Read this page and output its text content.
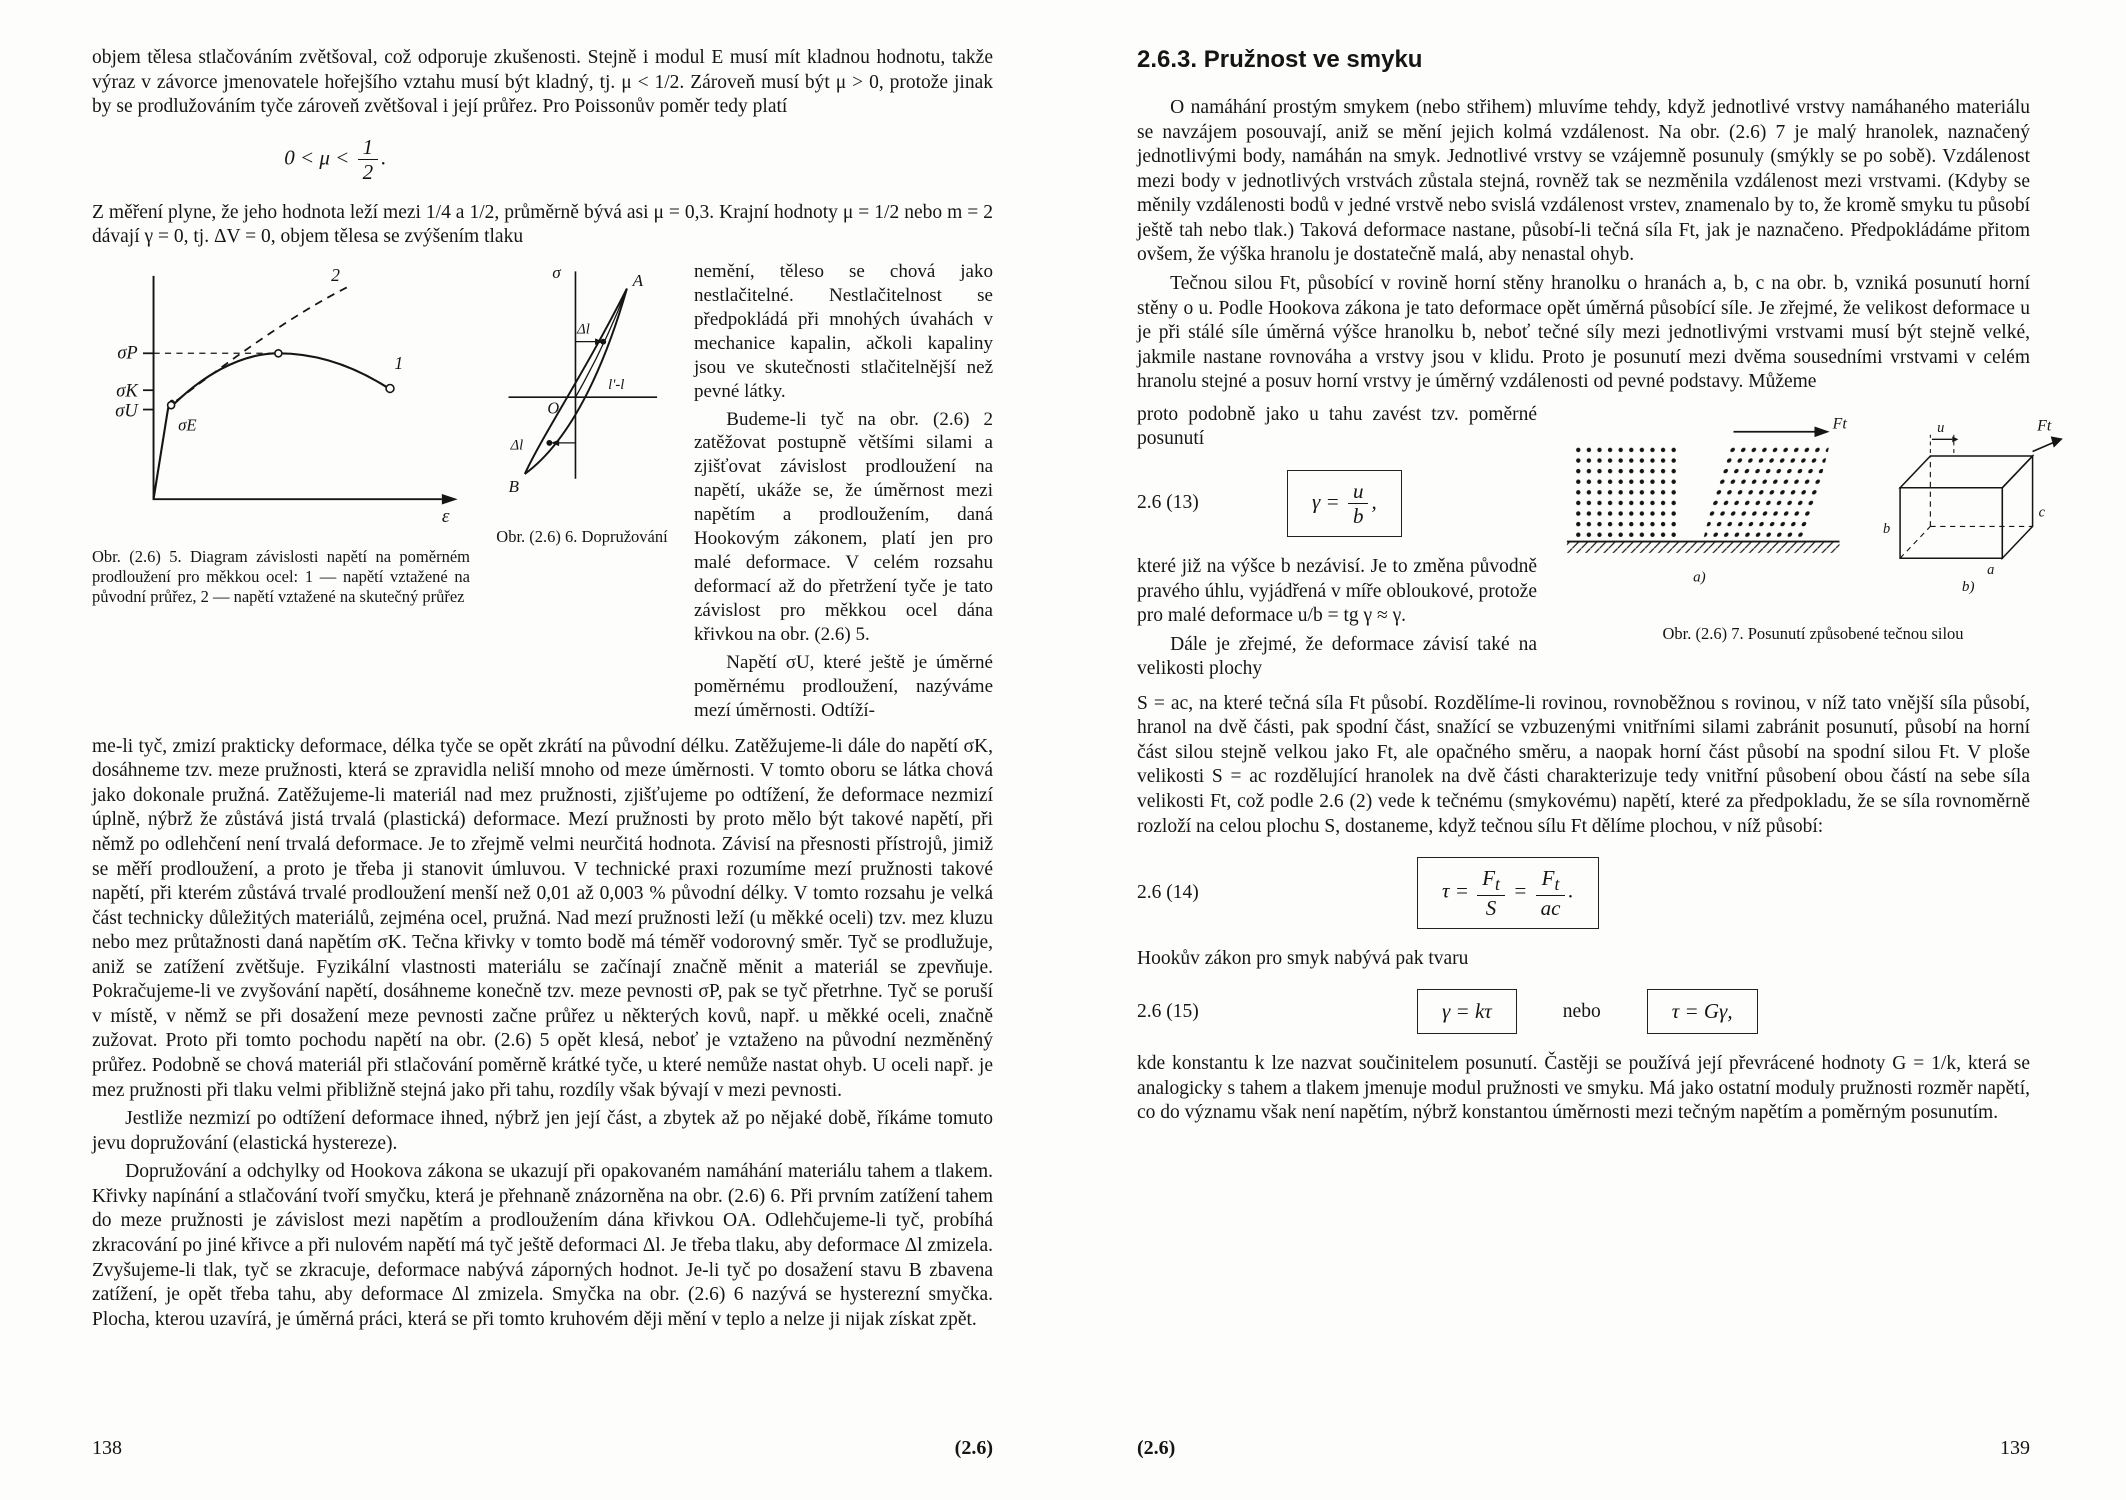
objem tělesa stlačováním zvětšoval, což odporuje zkušenosti. Stejně i modul E musí mít kladnou hodnotu, takže výraz v závorce jmenovatele hořejšího vztahu musí být kladný, tj. μ < 1/2. Zároveň musí být μ > 0, protože jinak by se prodlužováním tyče zároveň zvětšoval i její průřez. Pro Poissonův poměr tedy platí

$0 < \mu < \frac{1}{2}$ .

Z měření plyne, že jeho hodnota leží mezi 1/4 a 1/2, průměrně bývá asi μ = 0,3. Krajní hodnoty μ = 1/2 nebo m = 2 dávají γ = 0, tj. ΔV = 0, objem tělesa se zvýšením tlaku

σP
σK
σU
σE
ε
1
2
Obr. (2.6) 5. Diagram závislosti napětí na poměrném prodloužení pro měkkou ocel: 1 — napětí vztažené na původní průřez, 2 — napětí vztažené na skutečný průřez
σ	A
B
O
Δl
Δl
l'-l
Obr. (2.6) 6. Dopružování

nemění, těleso se chová jako nestlačitelné. Nestlačitelnost se předpokládá při mnohých úvahách v mechanice kapalin, ačkoli kapaliny jsou ve skutečnosti stlačitelnější než pevné látky.

Budeme-li tyč na obr. (2.6) 2 zatěžovat postupně většími silami a zjišťovat závislost prodloužení na napětí, ukáže se, že úměrnost mezi napětím a prodloužením, daná Hookovým zákonem, platí jen pro malé deformace. V celém rozsahu deformací až do přetržení tyče je tato závislost pro měkkou ocel dána křivkou na obr. (2.6) 5.

Napětí σU, které ještě je úměrné poměrnému prodloužení, nazýváme mezí úměrnosti. Odtíží-

me-li tyč, zmizí prakticky deformace, délka tyče se opět zkrátí na původní délku. Zatěžujeme-li dále do napětí σK, dosáhneme tzv. meze pružnosti, která se zpravidla neliší mnoho od meze úměrnosti. V tomto oboru se látka chová jako dokonale pružná. Zatěžujeme-li materiál nad mez pružnosti, zjišťujeme po odtížení, že deformace nezmizí úplně, nýbrž že zůstává jistá trvalá (plastická) deformace. Mezí pružnosti by proto mělo být takové napětí, při němž po odlehčení není trvalá deformace. Je to zřejmě velmi neurčitá hodnota. Závisí na přesnosti přístrojů, jimiž se měří prodloužení, a proto je třeba ji stanovit úmluvou. V technické praxi rozumíme mezí pružnosti takové napětí, při kterém zůstává trvalé prodloužení menší než 0,01 až 0,003 % původní délky. V tomto rozsahu je velká část technicky důležitých materiálů, zejména ocel, pružná. Nad mezí pružnosti leží (u měkké oceli) tzv. mez kluzu nebo mez průtažnosti daná napětím σK. Tečna křivky v tomto bodě má téměř vodorovný směr. Tyč se prodlužuje, aniž se zatížení zvětšuje. Fyzikální vlastnosti materiálu se začínají značně měnit a materiál se zpevňuje. Pokračujeme-li ve zvyšování napětí, dosáhneme konečně tzv. meze pevnosti σP, pak se tyč přetrhne. Tyč se poruší v místě, v němž se při dosažení meze pevnosti začne průřez u některých kovů, např. u měkké oceli, značně zužovat. Proto při tomto pochodu napětí na obr. (2.6) 5 opět klesá, neboť je vztaženo na původní nezměněný průřez. Podobně se chová materiál při stlačování poměrně krátké tyče, u které nemůže nastat ohyb. U oceli např. je mez pružnosti při tlaku velmi přibližně stejná jako při tahu, rozdíly však bývají v mezi pevnosti.

Jestliže nezmizí po odtížení deformace ihned, nýbrž jen její část, a zbytek až po nějaké době, říkáme tomuto jevu dopružování (elastická hystereze).

Dopružování a odchylky od Hookova zákona se ukazují při opakovaném namáhání materiálu tahem a tlakem. Křivky napínání a stlačování tvoří smyčku, která je přehnaně znázorněna na obr. (2.6) 6. Při prvním zatížení tahem do meze pružnosti je závislost mezi napětím a prodloužením dána křivkou OA. Odlehčujeme-li tyč, probíhá zkracování po jiné křivce a při nulovém napětí má tyč ještě deformaci Δl. Je třeba tlaku, aby deformace Δl zmizela. Zvyšujeme-li tlak, tyč se zkracuje, deformace nabývá záporných hodnot. Je-li tyč po dosažení stavu B zbavena zatížení, je opět třeba tahu, aby deformace Δl zmizela. Smyčka na obr. (2.6) 6 nazývá se hysterezní smyčka. Plocha, kterou uzavírá, je úměrná práci, která se při tomto kruhovém ději mění v teplo a nelze ji nijak získat zpět.

138	(2.6)
2.6.3. Pružnost ve smyku

O namáhání prostým smykem (nebo střihem) mluvíme tehdy, když jednotlivé vrstvy namáhaného materiálu se navzájem posouvají, aniž se mění jejich kolmá vzdálenost. Na obr. (2.6) 7 je malý hranolek, naznačený jednotlivými body, namáhán na smyk. Jednotlivé vrstvy se vzájemně posunuly (smýkly se po sobě). Vzdálenost mezi body v jednotlivých vrstvách zůstala stejná, rovněž tak se nezměnila vzdálenost mezi vrstvami. (Kdyby se měnily vzdálenosti bodů v jedné vrstvě nebo svislá vzdálenost vrstev, znamenalo by to, že kromě smyku tu působí ještě tah nebo tlak.) Taková deformace nastane, působí-li tečná síla Ft, jak je naznačeno. Předpokládáme přitom ovšem, že výška hranolu je dostatečně malá, aby nenastal ohyb.

Tečnou silou Ft, působící v rovině horní stěny hranolku o hranách a, b, c na obr. b, vzniká posunutí horní stěny o u. Podle Hookova zákona je tato deformace opět úměrná působící síle. Je zřejmé, že velikost deformace u je při stálé síle úměrná výšce hranolku b, neboť tečné síly mezi jednotlivými vrstvami musí být stejně velké, jakmile nastane rovnováha a vrstvy jsou v klidu. Proto je posunutí mezi dvěma sousedními vrstvami v celém hranolu stejné a posuv horní vrstvy je úměrný vzdálenosti od pevné podstavy. Můžeme

proto podobně jako u tahu zavést tzv. poměrné posunutí

2.6 (13)	$\gamma = \frac{u}{b}$ ,

které již na výšce b nezávisí. Je to změna původně pravého úhlu, vyjádřená v míře obloukové, protože pro malé deformace u/b = tg γ ≈ γ.

Dále je zřejmé, že deformace závisí také na velikosti plochy

Ft
a)
u	Ft
b
a
c
b)
Obr. (2.6) 7. Posunutí způsobené tečnou silou

S = ac, na které tečná síla Ft působí. Rozdělíme-li rovinou, rovnoběžnou s rovinou, v níž tato vnější síla působí, hranol na dvě části, pak spodní část, snažící se vzbuzenými vnitřními silami zabránit posunutí, působí na horní část silou stejně velkou jako Ft, ale opačného směru, a naopak horní část působí na spodní silou Ft. V ploše velikosti S = ac rozdělující hranolek na dvě části charakterizuje tedy vnitřní působení obou částí na sebe síla velikosti Ft, což podle 2.6 (2) vede k tečnému (smykovému) napětí, které za předpokladu, že se síla rovnoměrně rozloží na celou plochu S, dostaneme, když tečnou sílu Ft dělíme plochou, v níž působí:

2.6 (14)	$\tau = \frac{F_t}{S} = \frac{F_t}{ac}$ .

Hookův zákon pro smyk nabývá pak tvaru

2.6 (15)	γ = kτ	nebo	τ = Gγ,

kde konstantu k lze nazvat součinitelem posunutí. Častěji se používá její převrácené hodnoty G = 1/k, která se analogicky s tahem a tlakem jmenuje modul pružnosti ve smyku. Má jako ostatní moduly pružnosti rozměr napětí, co do významu však není napětím, nýbrž konstantou úměrnosti mezi tečným napětím a poměrným posunutím.

(2.6)	139
